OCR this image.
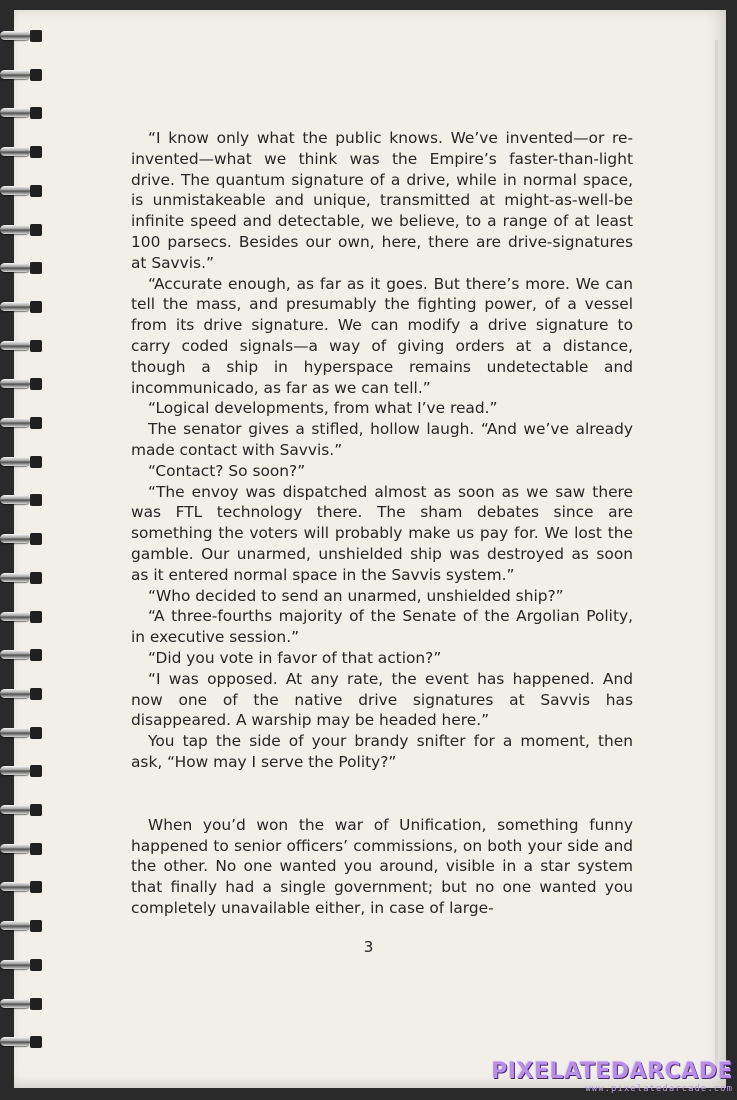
“I know only what the public knows. We’ve invented—or re-invented—what we think was the Empire’s faster-than-light drive. The quantum signature of a drive, while in normal space, is unmistakeable and unique, transmitted at might-as-well-be infinite speed and detectable, we believe, to a range of at least 100 parsecs. Besides our own, here, there are drive-signatures at Savvis.”

“Accurate enough, as far as it goes. But there’s more. We can tell the mass, and presumably the fighting power, of a vessel from its drive signature. We can modify a drive signature to carry coded signals—a way of giving orders at a distance, though a ship in hyperspace remains undetectable and incommunicado, as far as we can tell.”

“Logical developments, from what I’ve read.”

The senator gives a stifled, hollow laugh. “And we’ve already made contact with Savvis.”

“Contact? So soon?”

“The envoy was dispatched almost as soon as we saw there was FTL technology there. The sham debates since are something the voters will probably make us pay for. We lost the gamble. Our unarmed, unshielded ship was destroyed as soon as it entered normal space in the Savvis system.”

“Who decided to send an unarmed, unshielded ship?”

“A three-fourths majority of the Senate of the Argolian Polity, in executive session.”

“Did you vote in favor of that action?”

“I was opposed. At any rate, the event has happened. And now one of the native drive signatures at Savvis has disappeared. A warship may be headed here.”

You tap the side of your brandy snifter for a moment, then ask, “How may I serve the Polity?”

When you’d won the war of Unification, something funny happened to senior officers’ commissions, on both your side and the other. No one wanted you around, visible in a star system that finally had a single government; but no one wanted you completely unavailable either, in case of large-

3
PIXELATEDARCADE
www.pixelatedarcade.com
